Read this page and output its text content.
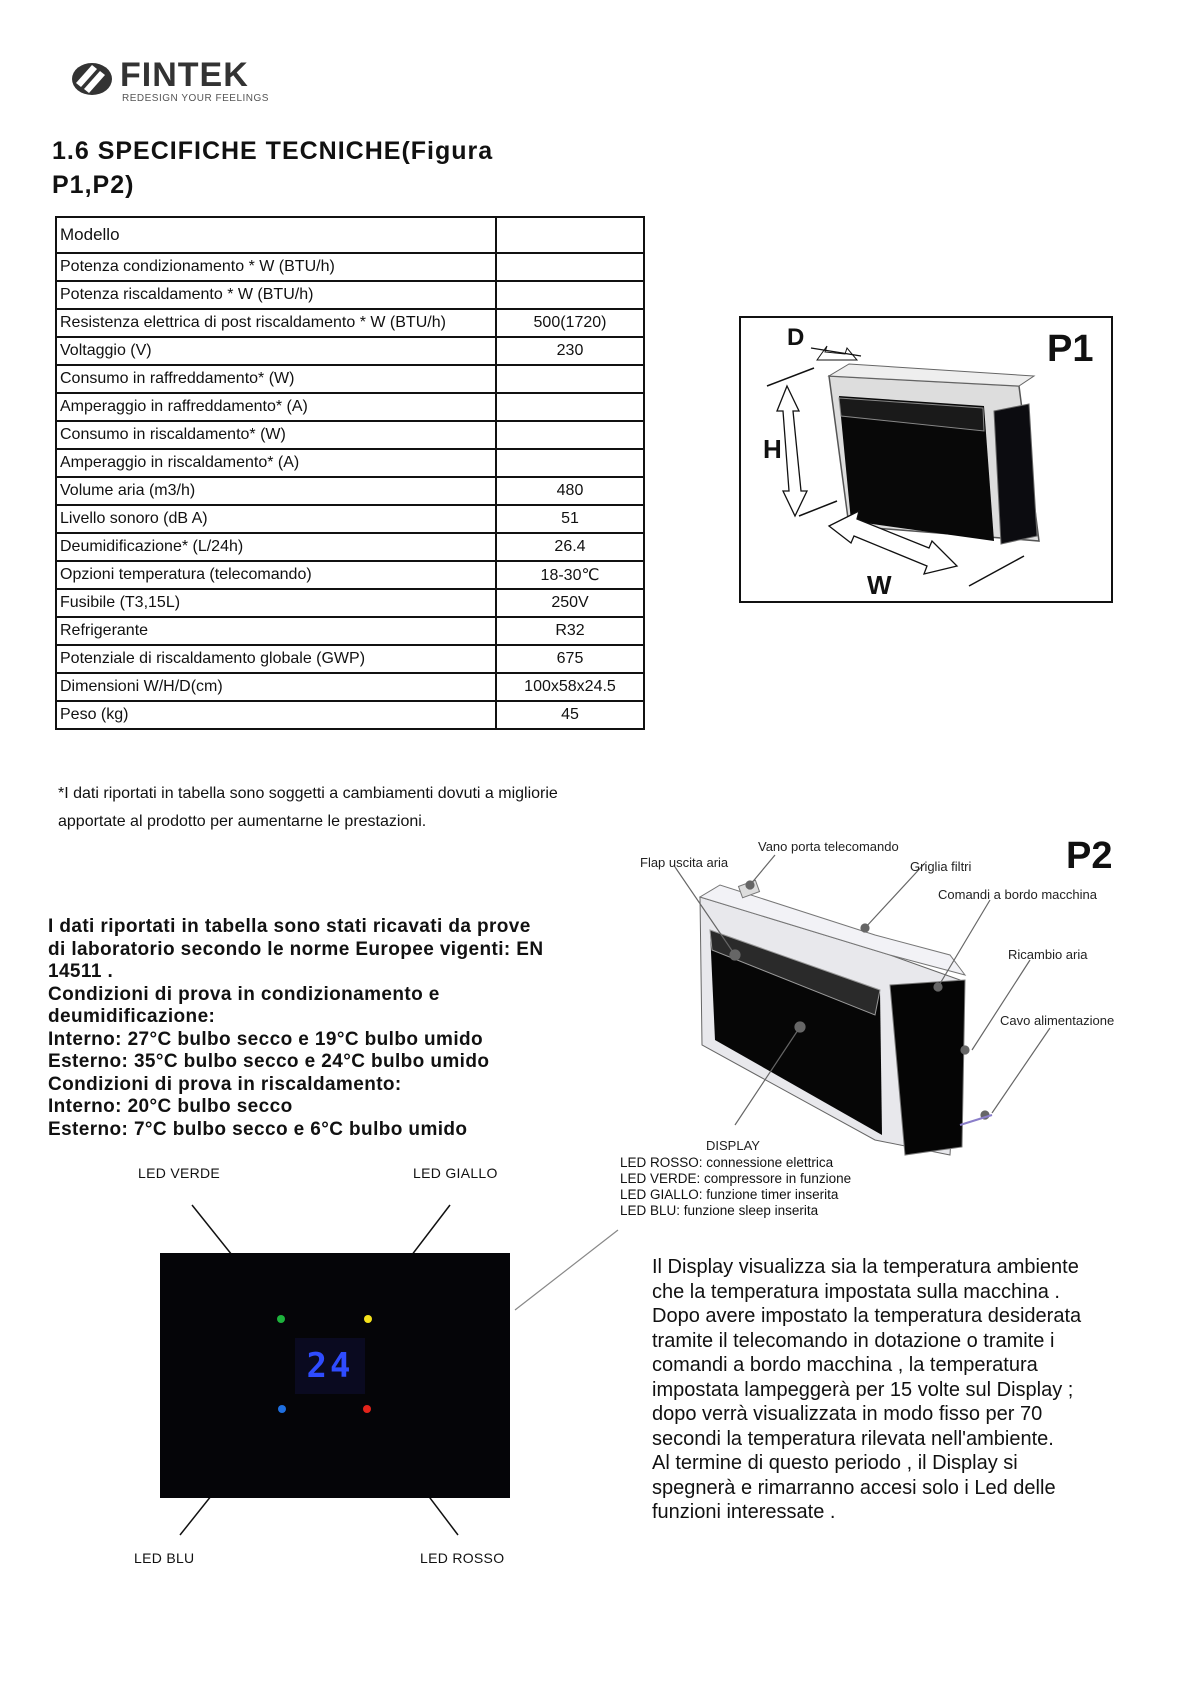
FINTEK
REDESIGN YOUR FEELINGS
1.6 SPECIFICHE TECNICHE(Figura
P1,P2)
Modello	
Potenza condizionamento * W (BTU/h)	
Potenza riscaldamento * W (BTU/h)	
Resistenza elettrica di post riscaldamento * W (BTU/h)	500(1720)
Voltaggio (V)	230
Consumo in raffreddamento* (W)	
Amperaggio in raffreddamento* (A)	
Consumo in riscaldamento* (W)	
Amperaggio in riscaldamento* (A)	
Volume aria (m3/h)	480
Livello sonoro (dB A)	51
Deumidificazione* (L/24h)	26.4
Opzioni temperatura (telecomando)	18-30℃
Fusibile (T3,15L)	250V
Refrigerante	R32
Potenziale di riscaldamento globale (GWP)	675
Dimensioni W/H/D(cm)	100x58x24.5
Peso (kg)	45
*I dati riportati in tabella sono soggetti a cambiamenti dovuti a migliorie
apportate al prodotto per aumentarne le prestazioni.
D
H
W
P1
Flap uscita aria
Vano porta telecomando
Griglia filtri
Comandi a bordo macchina
Ricambio aria
Cavo alimentazione
DISPLAY
P2
I dati riportati in tabella sono stati ricavati da prove
di laboratorio secondo le norme Europee vigenti: EN
14511 .
Condizioni di prova in condizionamento e
deumidificazione:
Interno: 27°C bulbo secco e 19°C bulbo umido
Esterno: 35°C bulbo secco e 24°C bulbo umido
Condizioni di prova in riscaldamento:
Interno: 20°C bulbo secco
Esterno: 7°C bulbo secco e 6°C bulbo umido
LED ROSSO: connessione elettrica
LED VERDE: compressore in funzione
LED GIALLO: funzione timer inserita
LED BLU: funzione sleep inserita
LED VERDE	LED GIALLO
LED BLU	LED ROSSO
24
Il Display visualizza sia la temperatura ambiente
che la temperatura impostata sulla macchina .
Dopo avere impostato la temperatura desiderata
tramite il telecomando in dotazione o tramite i
comandi a bordo macchina , la temperatura
impostata lampeggerà per 15 volte sul Display ;
dopo verrà visualizzata in modo fisso per 70
secondi la temperatura rilevata nell'ambiente.
Al termine di questo periodo , il Display si
spegnerà e rimarranno accesi solo i Led delle
funzioni interessate .
